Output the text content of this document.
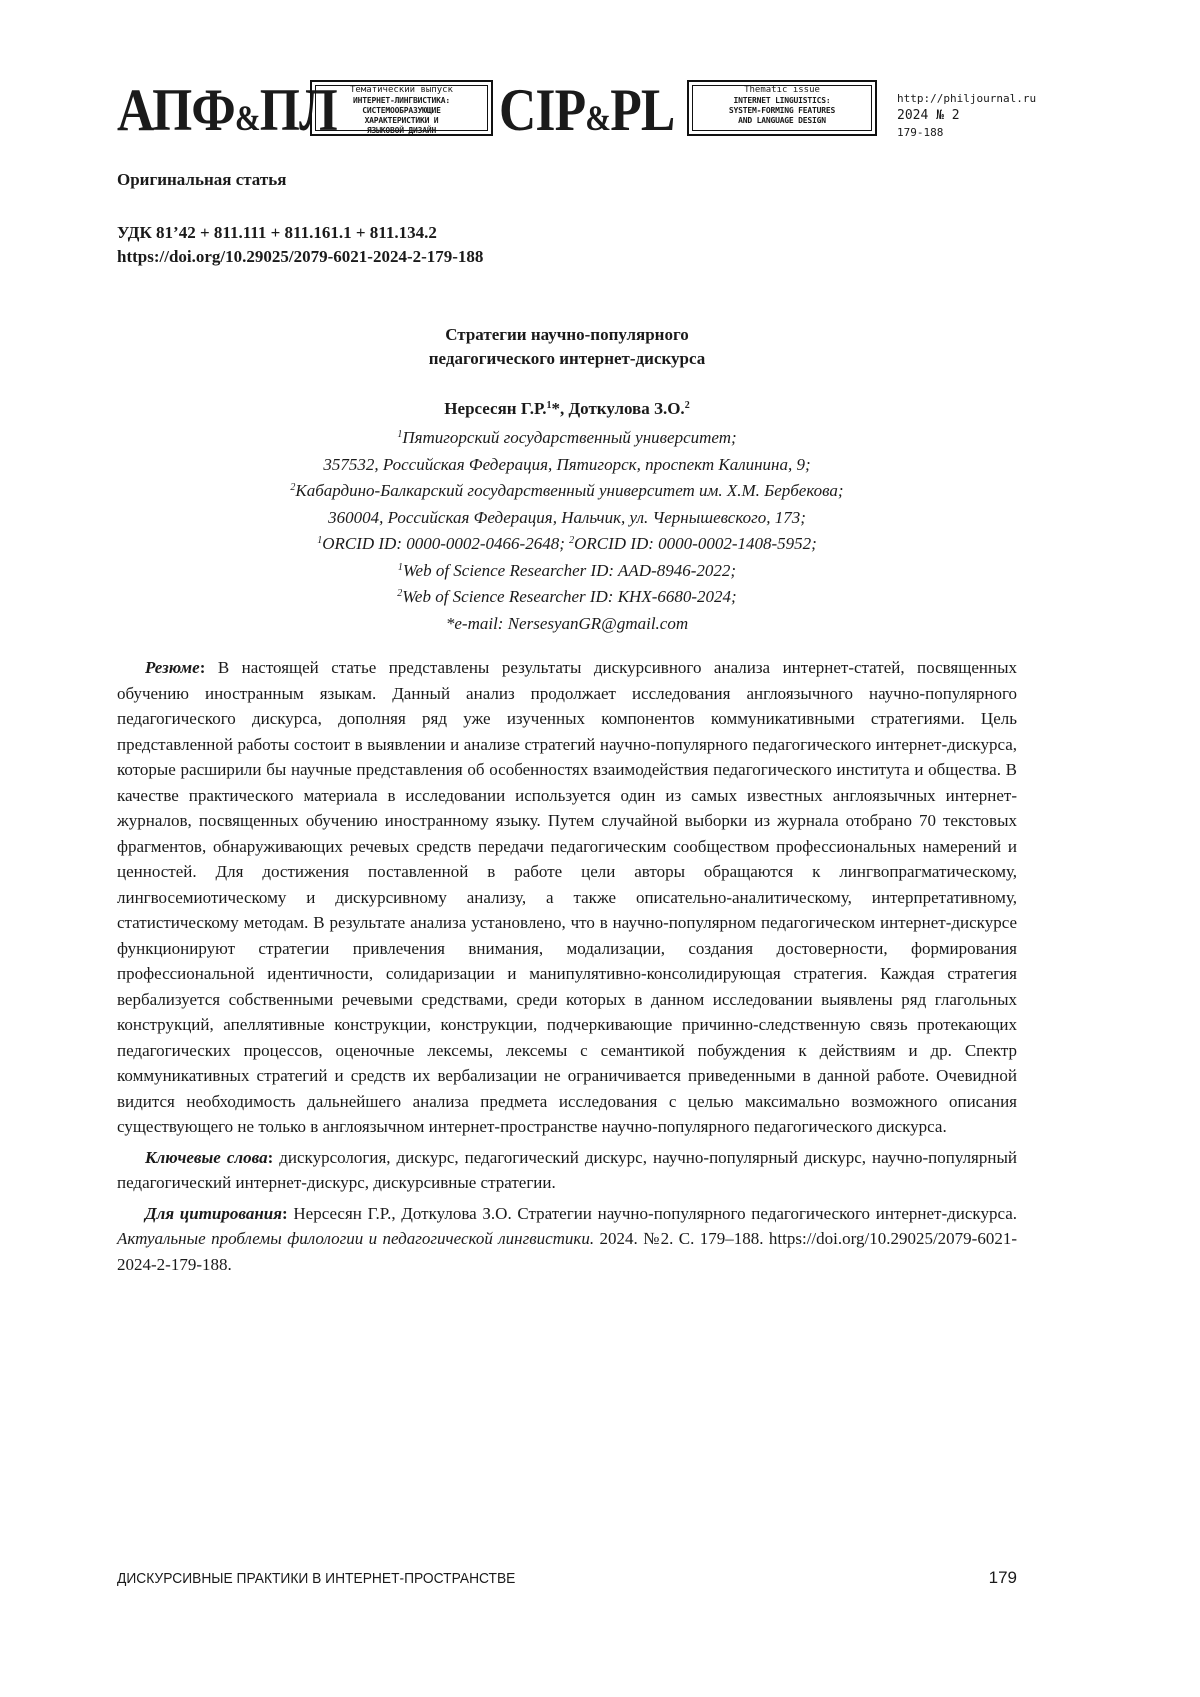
АПФ&ПЛ	Тематический выпуск
ИНТЕРНЕТ-ЛИНГВИСТИКА:
СИСТЕМООБРАЗУЮЩИЕ
ХАРАКТЕРИСТИКИ И
ЯЗЫКОВОЙ ДИЗАЙН	CIP&PL	Thematic issue
INTERNET LINGUISTICS:
SYSTEM-FORMING FEATURES
AND LANGUAGE DESIGN
http://philjournal.ru
2024 № 2
179-188
Оригинальная статья
УДК 81’42 + 811.111 + 811.161.1 + 811.134.2
https://doi.org/10.29025/2079-6021-2024-2-179-188
Стратегии научно-популярного
педагогического интернет-дискурса
Нерсесян Г.Р.$^1$*, Доткулова З.О.$^2$
$^1$Пятигорский государственный университет;
357532, Российская Федерация, Пятигорск, проспект Калинина, 9;
$^2$Кабардино-Балкарский государственный университет им. Х.М. Бербекова;
360004, Российская Федерация, Нальчик, ул. Чернышевского, 173;
$^1$ORCID ID: 0000-0002-0466-2648; $^2$ORCID ID: 0000-0002-1408-5952;
$^1$Web of Science Researcher ID: AAD-8946-2022;
$^2$Web of Science Researcher ID: KHX-6680-2024;
*e-mail: NersesyanGR@gmail.com

Резюме: В настоящей статье представлены результаты дискурсивного анализа интернет-статей, посвященных обучению иностранным языкам. Данный анализ продолжает исследования англоязычного научно-популярного педагогического дискурса, дополняя ряд уже изученных компонентов коммуникативными стратегиями. Цель представленной работы состоит в выявлении и анализе стратегий научно-популярного педагогического интернет-дискурса, которые расширили бы научные представления об особенностях взаимодействия педагогического института и общества. В качестве практического материала в исследовании используется один из самых известных англоязычных интернет-журналов, посвященных обучению иностранному языку. Путем случайной выборки из журнала отобрано 70 текстовых фрагментов, обнаруживающих речевых средств передачи педагогическим сообществом профессиональных намерений и ценностей. Для достижения поставленной в работе цели авторы обращаются к лингвопрагматическому, лингвосемиотическому и дискурсивному анализу, а также описательно-аналитическому, интерпретативному, статистическому методам. В результате анализа установлено, что в научно-популярном педагогическом интернет-дискурсе функционируют стратегии привлечения внимания, модализации, создания достоверности, формирования профессиональной идентичности, солидаризации и манипулятивно-консолидирующая стратегия. Каждая стратегия вербализуется собственными речевыми средствами, среди которых в данном исследовании выявлены ряд глагольных конструкций, апеллятивные конструкции, конструкции, подчеркивающие причинно-следственную связь протекающих педагогических процессов, оценочные лексемы, лексемы с семантикой побуждения к действиям и др. Спектр коммуникативных стратегий и средств их вербализации не ограничивается приведенными в данной работе. Очевидной видится необходимость дальнейшего анализа предмета исследования с целью максимально возможного описания существующего не только в англоязычном интернет-пространстве научно-популярного педагогического дискурса.

Ключевые слова: дискурсология, дискурс, педагогический дискурс, научно-популярный дискурс, научно-популярный педагогический интернет-дискурс, дискурсивные стратегии.

Для цитирования: Нерсесян Г.Р., Доткулова З.О. Стратегии научно-популярного педагогического интернет-дискурса. Актуальные проблемы филологии и педагогической лингвистики. 2024. №2. С. 179–188. https://doi.org/10.29025/2079-6021-2024-2-179-188.

ДИСКУРСИВНЫЕ ПРАКТИКИ В ИНТЕРНЕТ-ПРОСТРАНСТВЕ	179
